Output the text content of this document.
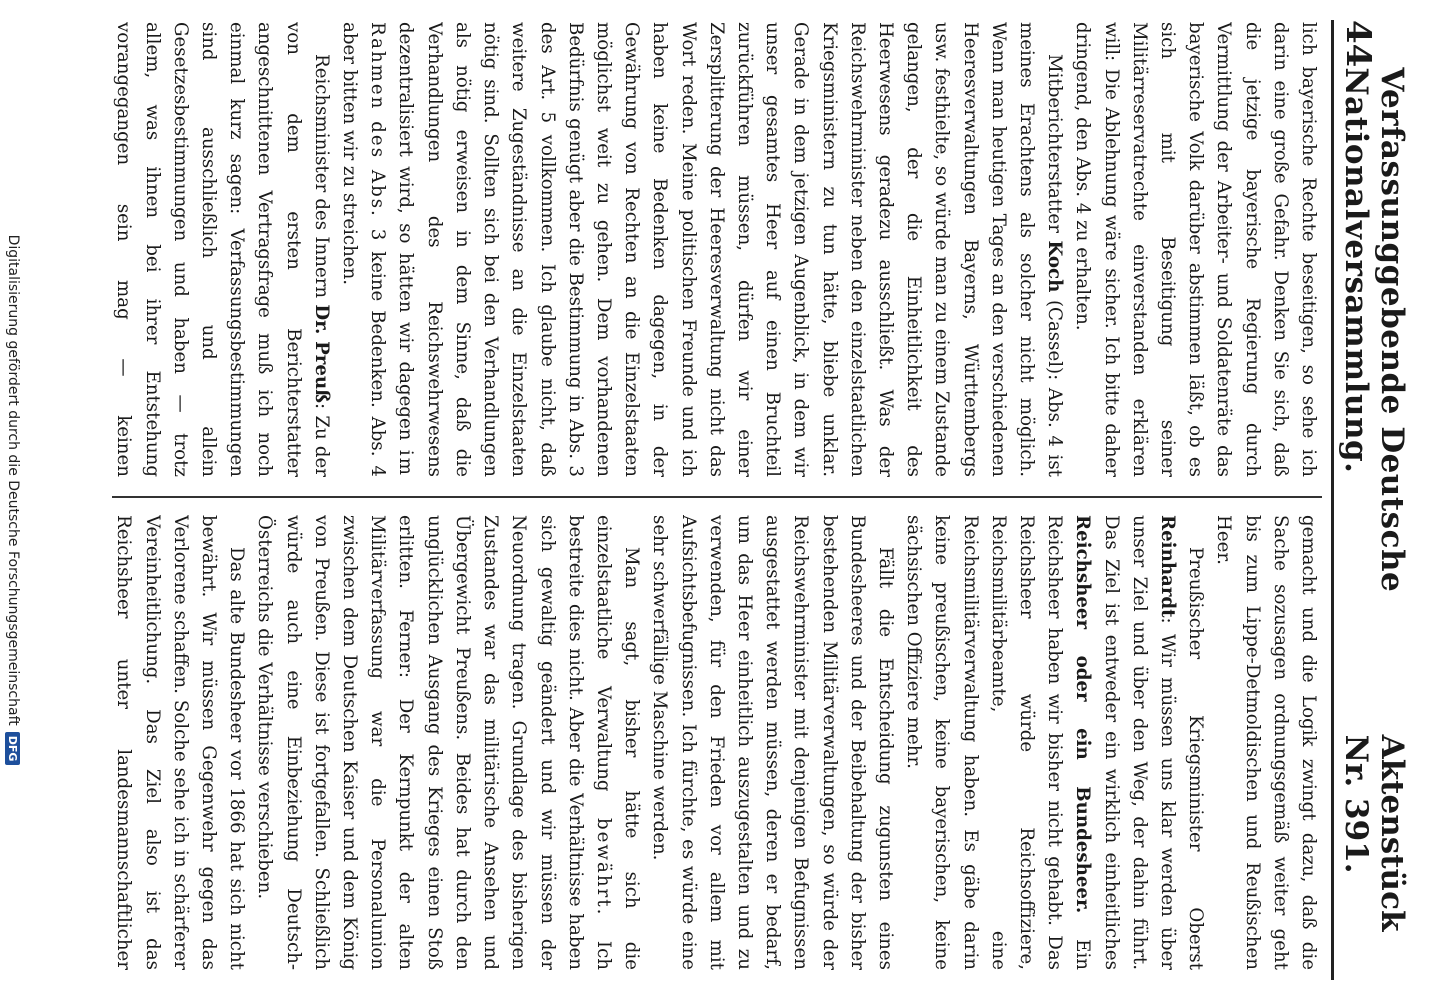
44
Verfassunggebende Deutsche Nationalversammlung.
Aktenstück Nr. 391.

lich bayerische Rechte beseitigen, so sehe ich darin eine große Gefahr. Denken Sie sich, daß die jetzige bayerische Regierung durch Vermittlung der Arbeiter- und Soldatenräte das bayerische Volk darüber abstimmen läßt, ob es sich mit Beseitigung seiner Militärreservatrechte einverstanden erklären will: Die Ablehnung wäre sicher. Ich bitte daher dringend, den Abs. 4 zu erhalten.

Mitberichterstatter Koch (Cassel): Abs. 4 ist meines Erachtens als solcher nicht möglich. Wenn man heutigen Tages an den verschiedenen Heeresverwaltungen Bayerns, Württembergs usw. festhielte, so würde man zu einem Zustande gelangen, der die Einheitlichkeit des Heerwesens geradezu ausschließt. Was der Reichswehrminister neben den einzelstaatlichen Kriegsministern zu tun hätte, bliebe unklar. Gerade in dem jetzigen Augenblick, in dem wir unser gesamtes Heer auf einen Bruchteil zurückführen müssen, dürfen wir einer Zersplitterung der Heeresverwaltung nicht das Wort reden. Meine politischen Freunde und ich haben keine Bedenken dagegen, in der Gewährung von Rechten an die Einzelstaaten möglichst weit zu gehen. Dem vorhandenen Bedürfnis genügt aber die Bestimmung in Abs. 3 des Art. 5 vollkommen. Ich glaube nicht, daß weitere Zugeständnisse an die Einzelstaaten nötig sind. Sollten sich bei den Verhandlungen als nötig erweisen in dem Sinne, daß die Verhandlungen des Reichswehrwesens dezentralisiert wird, so hätten wir dagegen im Rahmen des Abs. 3 keine Bedenken. Abs. 4 aber bitten wir zu streichen.

Reichsminister des Innern Dr. Preuß: Zu der von dem ersten Berichterstatter angeschnittenen Vertragsfrage muß ich noch einmal kurz sagen: Verfassungsbestimmungen sind ausschließlich und allein Gesetzesbestimmungen und haben — trotz allem, was ihnen bei ihrer Entstehung vorangegangen sein mag — keinen

gemacht und die Logik zwingt dazu, daß die Sache sozusagen ordnungsgemäß weiter geht bis zum Lippe-Detmoldischen und Reußischen Heer.

Preußischer Kriegsminister Oberst Reinhardt: Wir müssen uns klar werden über unser Ziel und über den Weg, der dahin führt. Das Ziel ist entweder ein wirklich einheitliches Reichsheer oder ein Bundesheer. Ein Reichsheer haben wir bisher nicht gehabt. Das Reichsheer würde Reichsoffiziere, Reichsmilitärbeamte, eine Reichsmilitärverwaltung haben. Es gäbe darin keine preußischen, keine bayerischen, keine sächsischen Offiziere mehr.

Fällt die Entscheidung zugunsten eines Bundesheeres und der Beibehaltung der bisher bestehenden Militärverwaltungen, so würde der Reichswehrminister mit denjenigen Befugnissen ausgestattet werden müssen, deren er bedarf, um das Heer einheitlich auszugestalten und zu verwenden, für den Frieden vor allem mit Aufsichtsbefugnissen. Ich fürchte, es würde eine sehr schwerfällige Maschine werden.

Man sagt, bisher hätte sich die einzelstaatliche Verwaltung bewährt. Ich bestreite dies nicht. Aber die Verhältnisse haben sich gewaltig geändert und wir müssen der Neuordnung tragen. Grundlage des bisherigen Zustandes war das militärische Ansehen und Übergewicht Preußens. Beides hat durch den unglücklichen Ausgang des Krieges einen Stoß erlitten. Ferner: Der Kernpunkt der alten Militärverfassung war die Personalunion zwischen dem Deutschen Kaiser und dem König von Preußen. Diese ist fortgefallen. Schließlich würde auch eine Einbeziehung Deutsch-Österreichs die Verhältnisse verschieben.

Das alte Bundesheer vor 1866 hat sich nicht bewährt. Wir müssen Gegenwehr gegen das Verlorene schaffen. Solche sehe ich in schärferer Vereinheitlichung. Das Ziel also ist das Reichsheer unter landesmannschaftlicher

Digitalisierung gefördert durch die Deutsche Forschungsgemeinschaft
DFG
